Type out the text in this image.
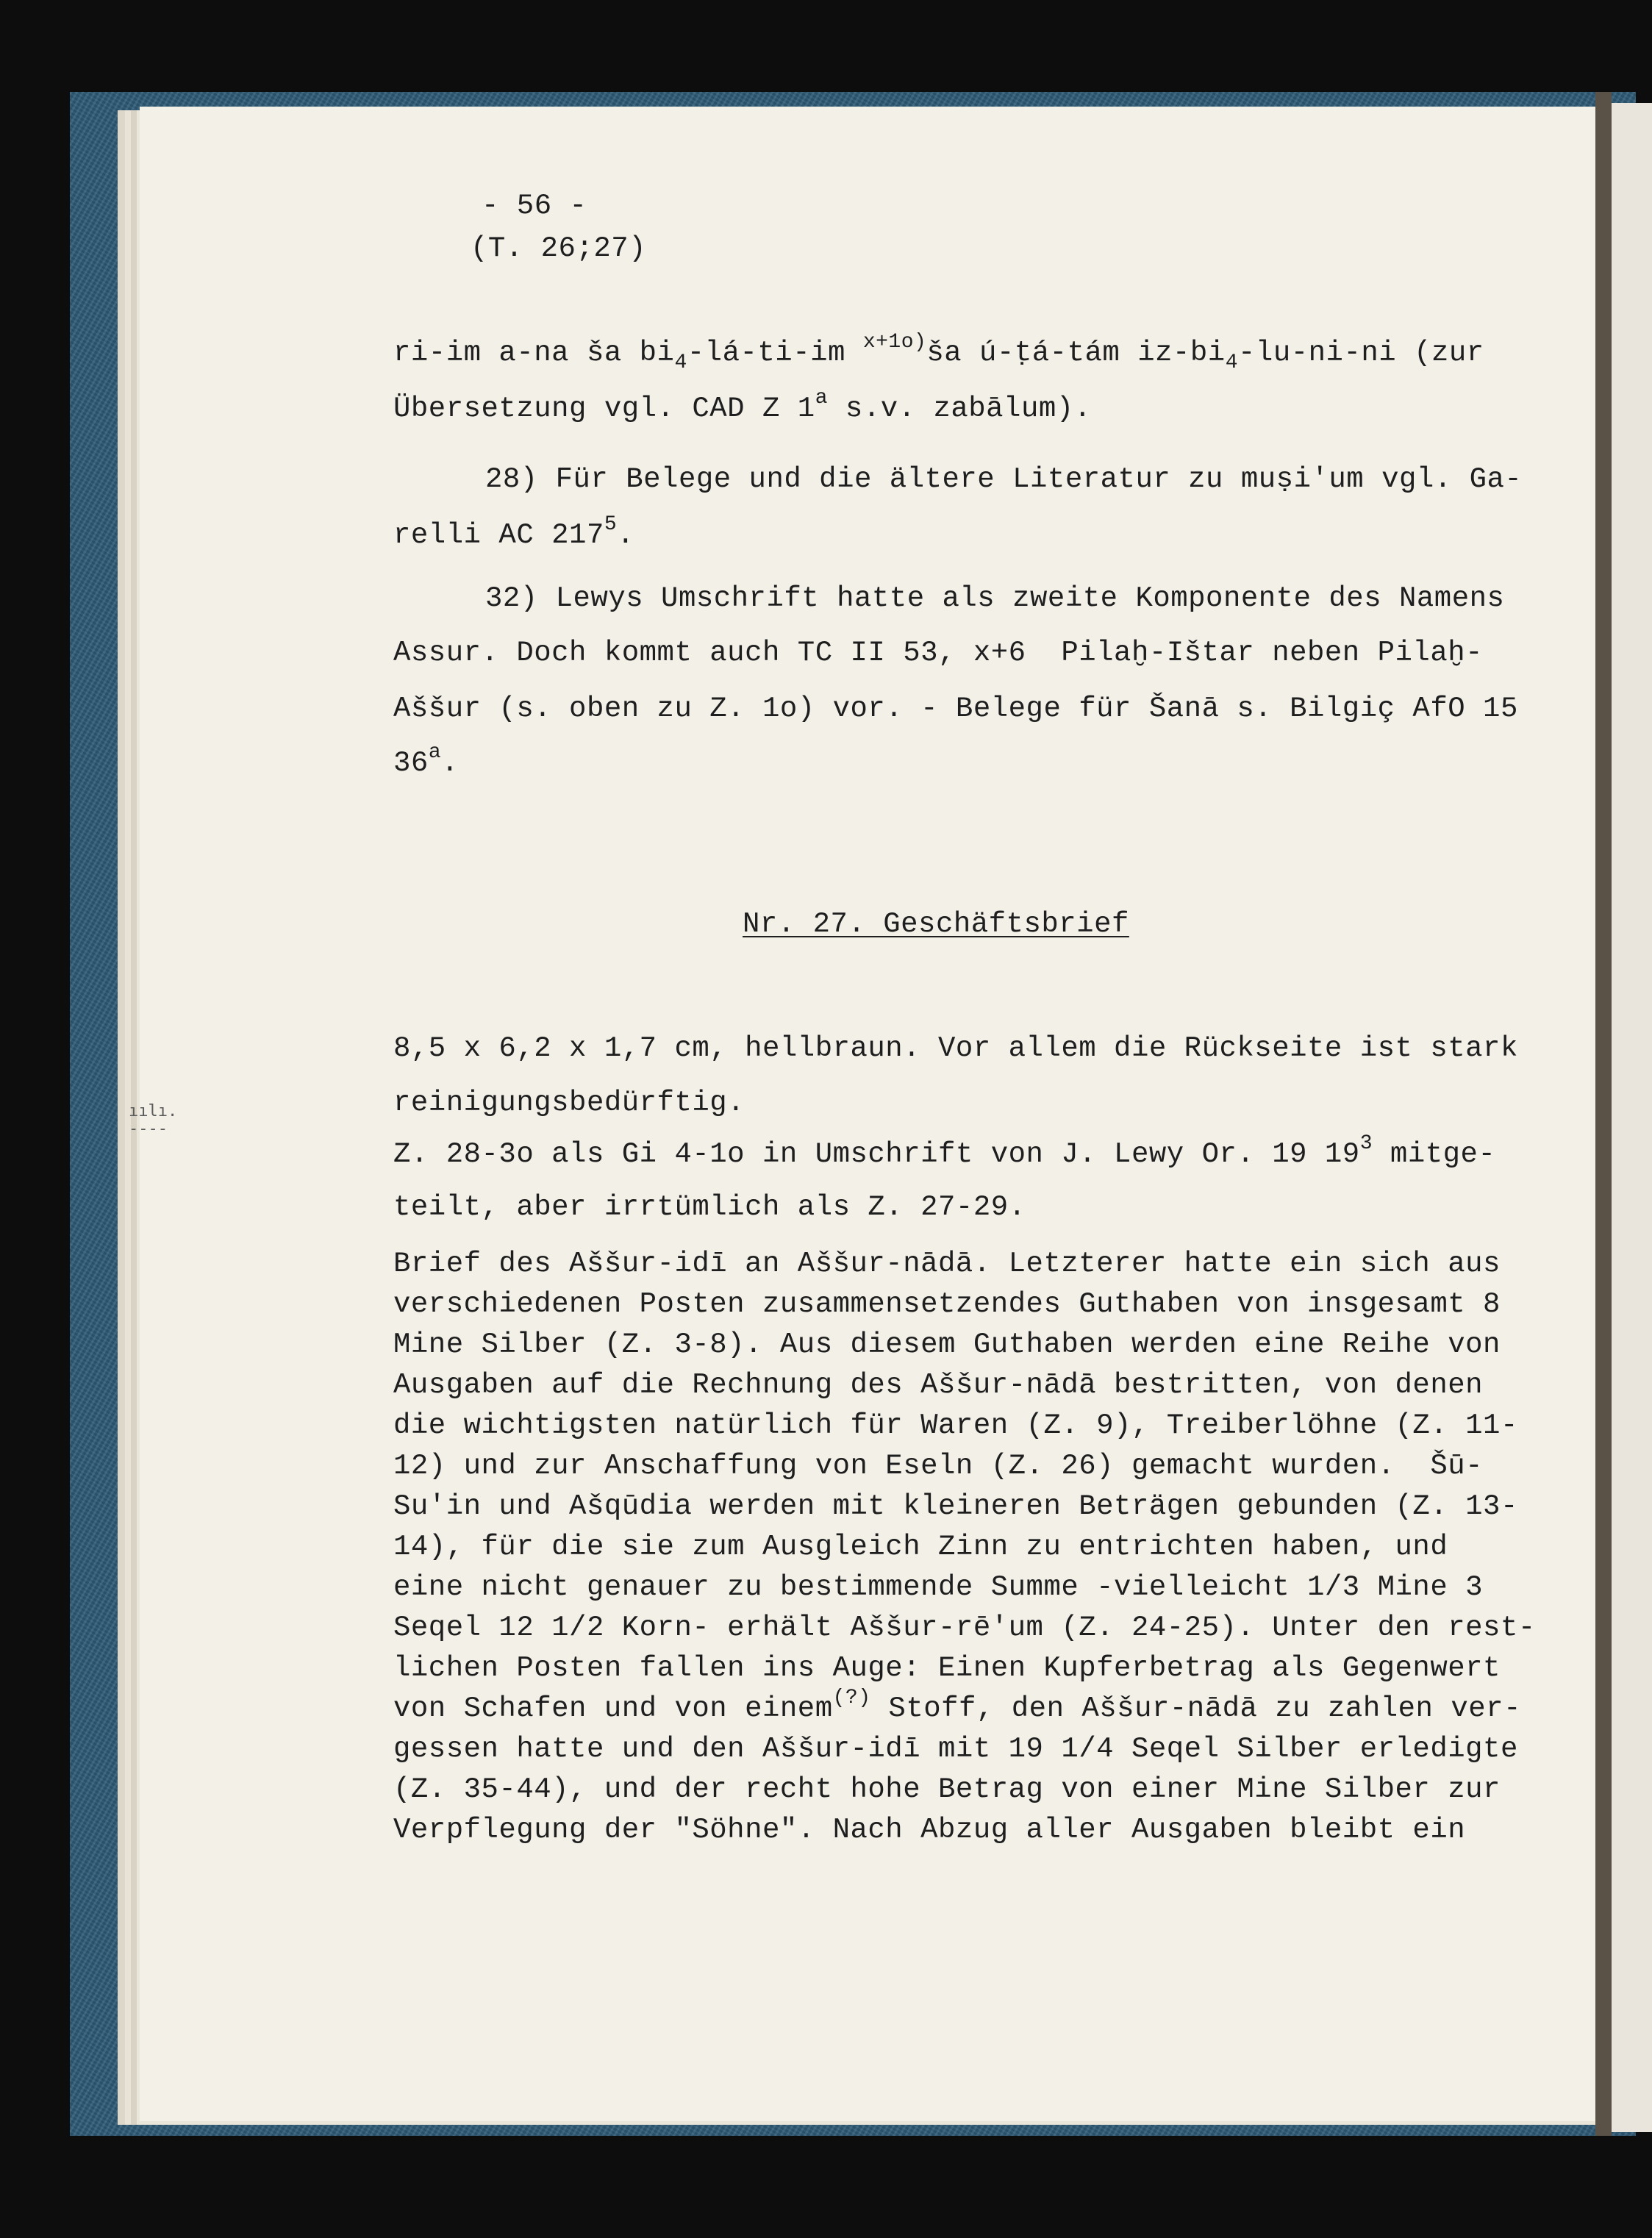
ıılı.
‐‐‐‐
- 56 -
(T. 26;27)
ri-im a-na ša $bi_4-lá-ti-im$ $^{x+1o)}$ša ú-ṭá-tám $iz-bi_4-lu-ni-ni$ (zur
Übersetzung vgl. CAD Z 1$^a$ s.v. zabālum).
28) Für Belege und die ältere Literatur zu muṣi'um vgl. Ga-
relli AC $217^5$.
32) Lewys Umschrift hatte als zweite Komponente des Namens
Assur. Doch kommt auch TC II 53, x+6  Pilaḫ-Ištar neben Pilaḫ-
Aššur (s. oben zu Z. 1o) vor. - Belege für Šanā s. Bilgiç AfO 15
36$^a$.
Nr. 27. Geschäftsbrief
8,5 x 6,2 x 1,7 cm, hellbraun. Vor allem die Rückseite ist stark
reinigungsbedürftig.
Z. 28-3o als Gi 4-1o in Umschrift von J. Lewy Or. 19 $19^3$ mitge-
teilt, aber irrtümlich als Z. 27-29.
Brief des Aššur-idī an Aššur-nādā. Letzterer hatte ein sich aus
verschiedenen Posten zusammensetzendes Guthaben von insgesamt 8
Mine Silber (Z. 3-8). Aus diesem Guthaben werden eine Reihe von
Ausgaben auf die Rechnung des Aššur-nādā bestritten, von denen
die wichtigsten natürlich für Waren (Z. 9), Treiberlöhne (Z. 11-
12) und zur Anschaffung von Eseln (Z. 26) gemacht wurden.  Šū-
Su'in und Ašqūdia werden mit kleineren Beträgen gebunden (Z. 13-
14), für die sie zum Ausgleich Zinn zu entrichten haben, und
eine nicht genauer zu bestimmende Summe -vielleicht 1/3 Mine 3
Seqel 12 1/2 Korn- erhält Aššur-rē'um (Z. 24-25). Unter den rest-
lichen Posten fallen ins Auge: Einen Kupferbetrag als Gegenwert
von Schafen und von einem(?) Stoff, den Aššur-nādā zu zahlen ver-
gessen hatte und den Aššur-idī mit 19 1/4 Seqel Silber erledigte
(Z. 35-44), und der recht hohe Betrag von einer Mine Silber zur
Verpflegung der "Söhne". Nach Abzug aller Ausgaben bleibt ein
